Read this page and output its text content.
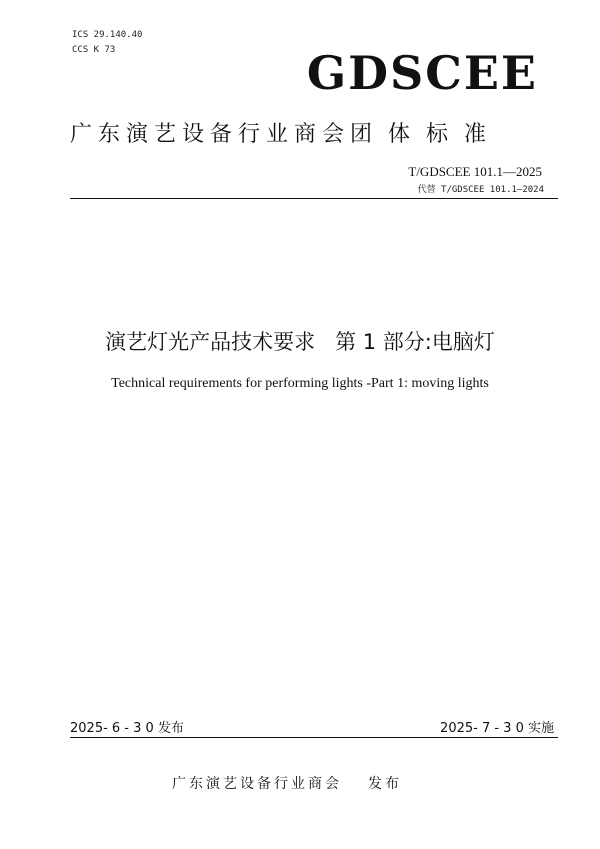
ICS 29.140.40
CCS K 73	GDSCEE
广东演艺设备行业商会团 体 标 准
T/GDSCEE 101.1—2025
代替 T/GDSCEE 101.1—2024
演艺灯光产品技术要求 第 1 部分:电脑灯
Technical requirements for performing lights -Part 1: moving lights
2025- 6 - 3 0 发布	2025- 7 - 3 0 实施
广东演艺设备行业商会 发布
